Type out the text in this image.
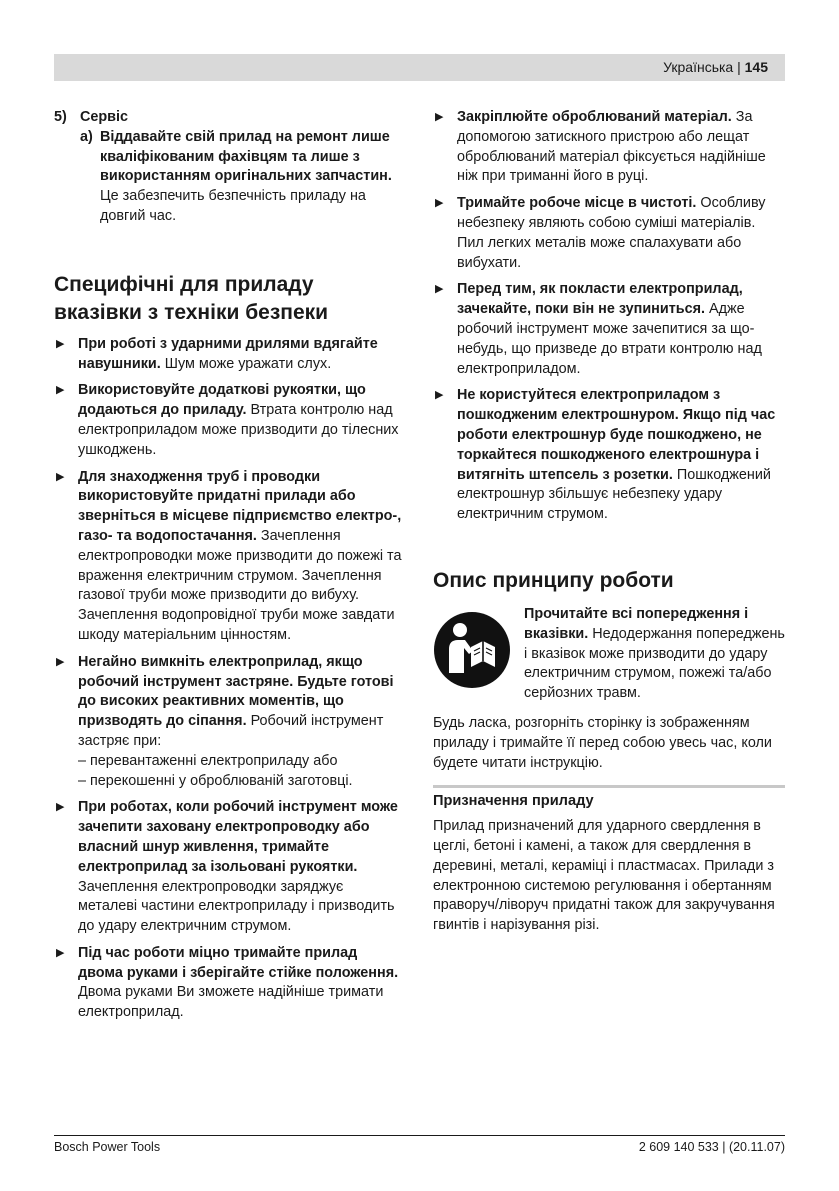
Українська | 145

5) Сервіс

a) Віддавайте свій прилад на ремонт лише кваліфікованим фахівцям та лише з використанням оригінальних запчастин. Це забезпечить безпечність приладу на довгий час.

Специфічні для приладу вказівки з техніки безпеки
▶ При роботі з ударними дрилями вдягайте навушники. Шум може уражати слух.
▶ Використовуйте додаткові рукоятки, що додаються до приладу. Втрата контролю над електроприладом може призводити до тілесних ушкоджень.
▶ Для знаходження труб і проводки використовуйте придатні прилади або зверніться в місцеве підприємство електро-, газо- та водопостачання. Зачеплення електропроводки може призводити до пожежі та враження електричним струмом. Зачеплення газової труби може призводити до вибуху. Зачеплення водопровідної труби може завдати шкоду матеріальним цінностям.
▶ Негайно вимкніть електроприлад, якщо робочий інструмент застряне. Будьте готові до високих реактивних моментів, що призводять до сіпання. Робочий інструмент застряє при:
– перевантаженні електроприладу або
– перекошенні у оброблюваній заготовці.
▶ При роботах, коли робочий інструмент може зачепити заховану електропроводку або власний шнур живлення, тримайте електроприлад за ізольовані рукоятки. Зачеплення електропроводки заряджує металеві частини електроприладу і призводить до удару електричним струмом.
▶ Під час роботи міцно тримайте прилад двома руками і зберігайте стійке положення. Двома руками Ви зможете надійніше тримати електроприлад.
▶ Закріплюйте оброблюваний матеріал. За допомогою затискного пристрою або лещат оброблюваний матеріал фіксується надійніше ніж при триманні його в руці.
▶ Тримайте робоче місце в чистоті. Особливу небезпеку являють собою суміші матеріалів. Пил легких металів може спалахувати або вибухати.
▶ Перед тим, як покласти електроприлад, зачекайте, поки він не зупиниться. Адже робочий інструмент може зачепитися за що-небудь, що призведе до втрати контролю над електроприладом.
▶ Не користуйтеся електроприладом з пошкодженим електрошнуром. Якщо під час роботи електрошнур буде пошкоджено, не торкайтеся пошкодженого електрошнура і витягніть штепсель з розетки. Пошкоджений електрошнур збільшує небезпеку удару електричним струмом.
Опис принципу роботи
Прочитайте всі попередження і вказівки. Недодержання попереджень і вказівок може призводити до удару електричним струмом, пожежі та/або серйозних травм.

Будь ласка, розгорніть сторінку із зображенням приладу і тримайте її перед собою увесь час, коли будете читати інструкцію.

Призначення приладу

Прилад призначений для ударного свердлення в цеглі, бетоні і камені, а також для свердлення в деревині, металі, кераміці і пластмасах. Прилади з електронною системою регулювання і обертанням праворуч/ліворуч придатні також для закручування гвинтів і нарізування різі.

Bosch Power Tools	2 609 140 533 | (20.11.07)
